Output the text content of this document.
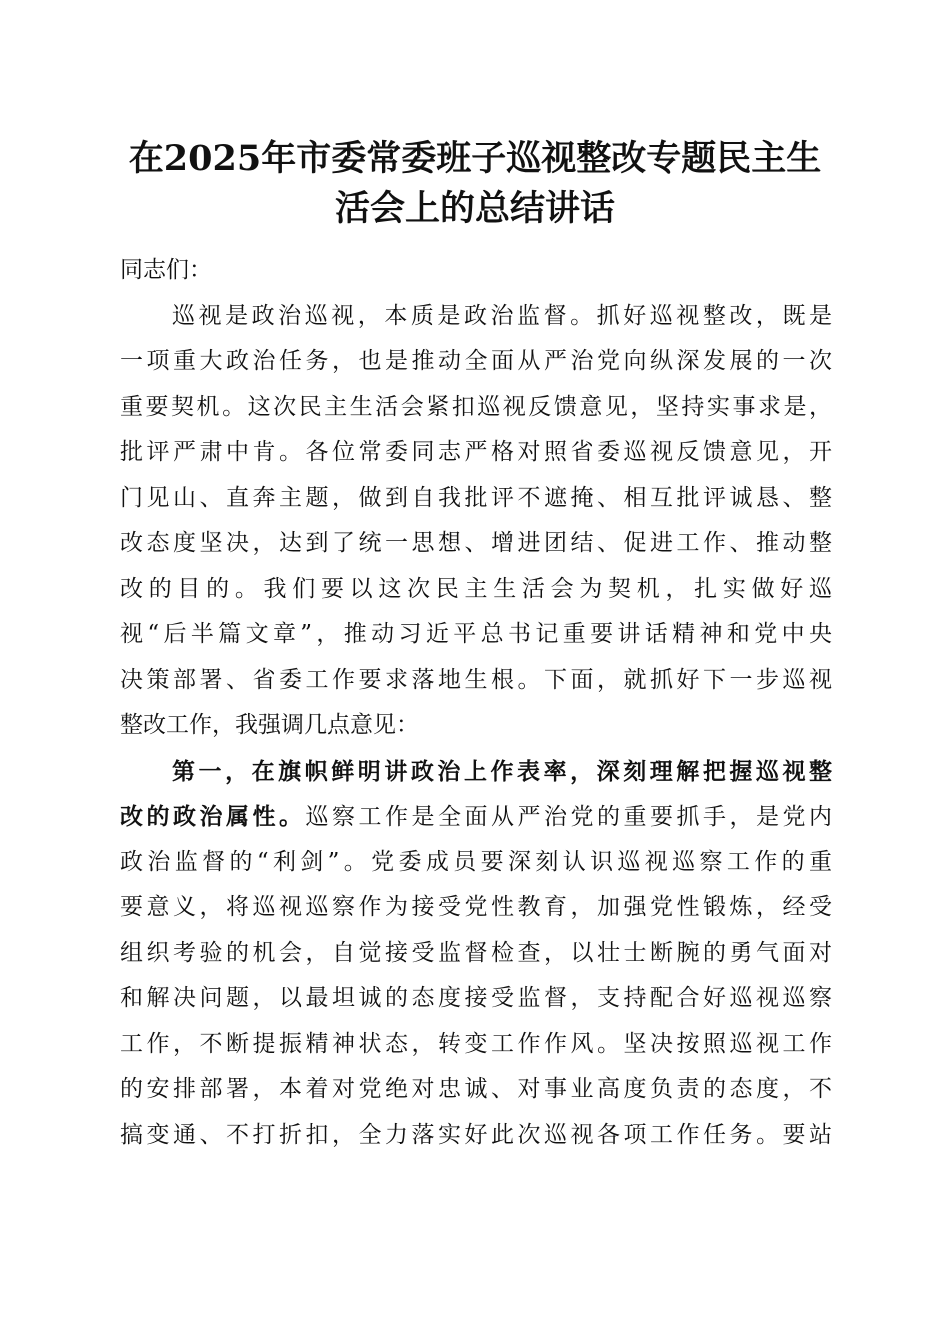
在2025年市委常委班子巡视整改专题民主生
活会上的总结讲话
同志们：
巡视是政治巡视，本质是政治监督。抓好巡视整改，既是
一项重大政治任务，也是推动全面从严治党向纵深发展的一次
重要契机。这次民主生活会紧扣巡视反馈意见，坚持实事求是，
批评严肃中肯。各位常委同志严格对照省委巡视反馈意见，开
门见山、直奔主题，做到自我批评不遮掩、相互批评诚恳、整
改态度坚决，达到了统一思想、增进团结、促进工作、推动整
改的目的。我们要以这次民主生活会为契机，扎实做好巡
视“后半篇文章”，推动习近平总书记重要讲话精神和党中央
决策部署、省委工作要求落地生根。下面，就抓好下一步巡视
整改工作，我强调几点意见：
第一，在旗帜鲜明讲政治上作表率，深刻理解把握巡视整
改的政治属性。巡察工作是全面从严治党的重要抓手，是党内
政治监督的“利剑”。党委成员要深刻认识巡视巡察工作的重
要意义，将巡视巡察作为接受党性教育，加强党性锻炼，经受
组织考验的机会，自觉接受监督检查，以壮士断腕的勇气面对
和解决问题，以最坦诚的态度接受监督，支持配合好巡视巡察
工作，不断提振精神状态，转变工作作风。坚决按照巡视工作
的安排部署，本着对党绝对忠诚、对事业高度负责的态度，不
搞变通、不打折扣，全力落实好此次巡视各项工作任务。要站
